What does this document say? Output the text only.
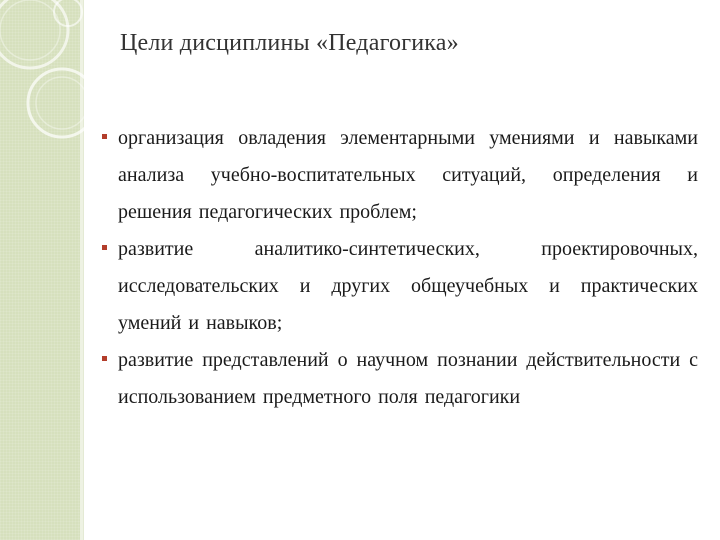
Цели дисциплины «Педагогика»
организация овладения элементарными умениями и навыками анализа учебно-воспитательных ситуаций, определения и решения педагогических проблем;
развитие аналитико-синтетических, проектировочных, исследовательских и других общеучебных и практических умений и навыков;
развитие представлений о научном познании действительности с использованием предметного поля педагогики
